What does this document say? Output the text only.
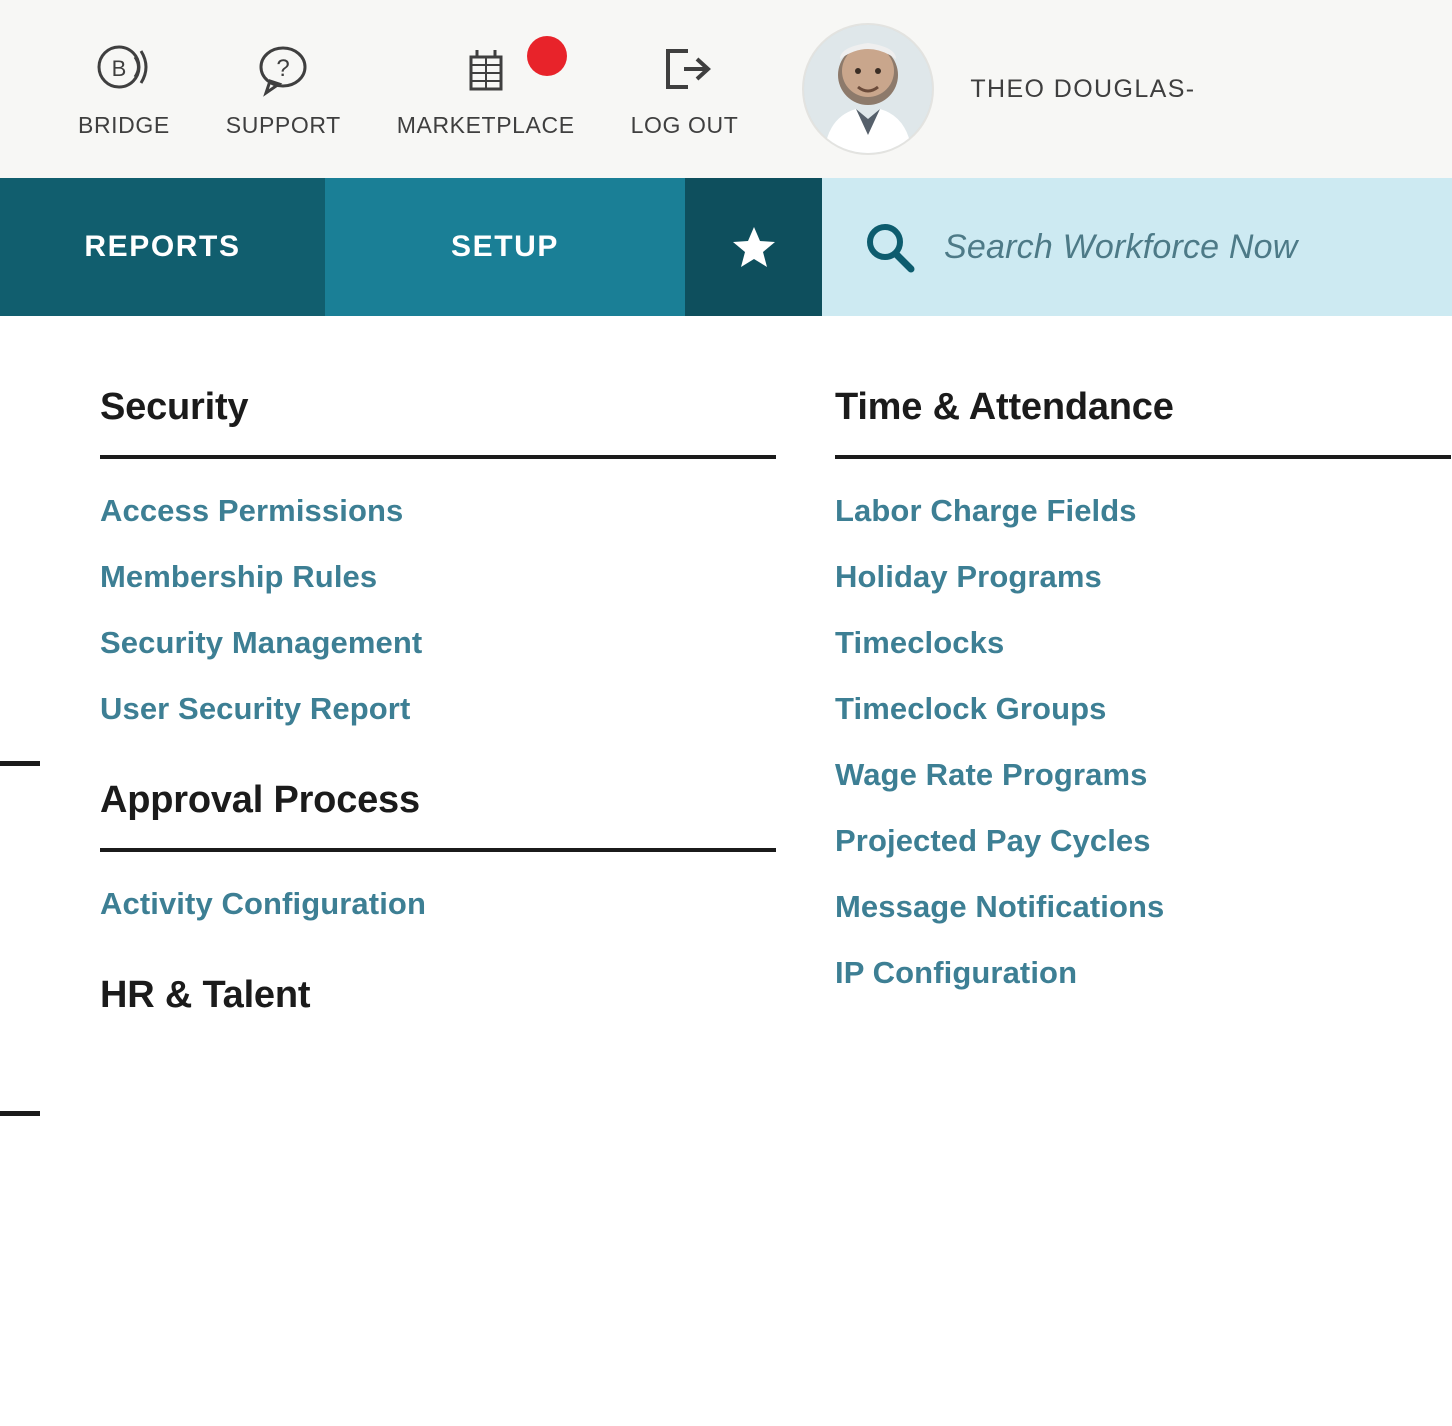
B
BRIDGE
?
SUPPORT MARKETPLACE LOG OUT
THEO DOUGLAS-
REPORTS	SETUP	Search Workforce Now
Security
Access Permissions
Membership Rules
Security Management
User Security Report
Approval Process
Activity Configuration
HR & Talent
Time & Attendance
Labor Charge Fields
Holiday Programs
Timeclocks
Timeclock Groups
Wage Rate Programs
Projected Pay Cycles
Message Notifications
IP Configuration
